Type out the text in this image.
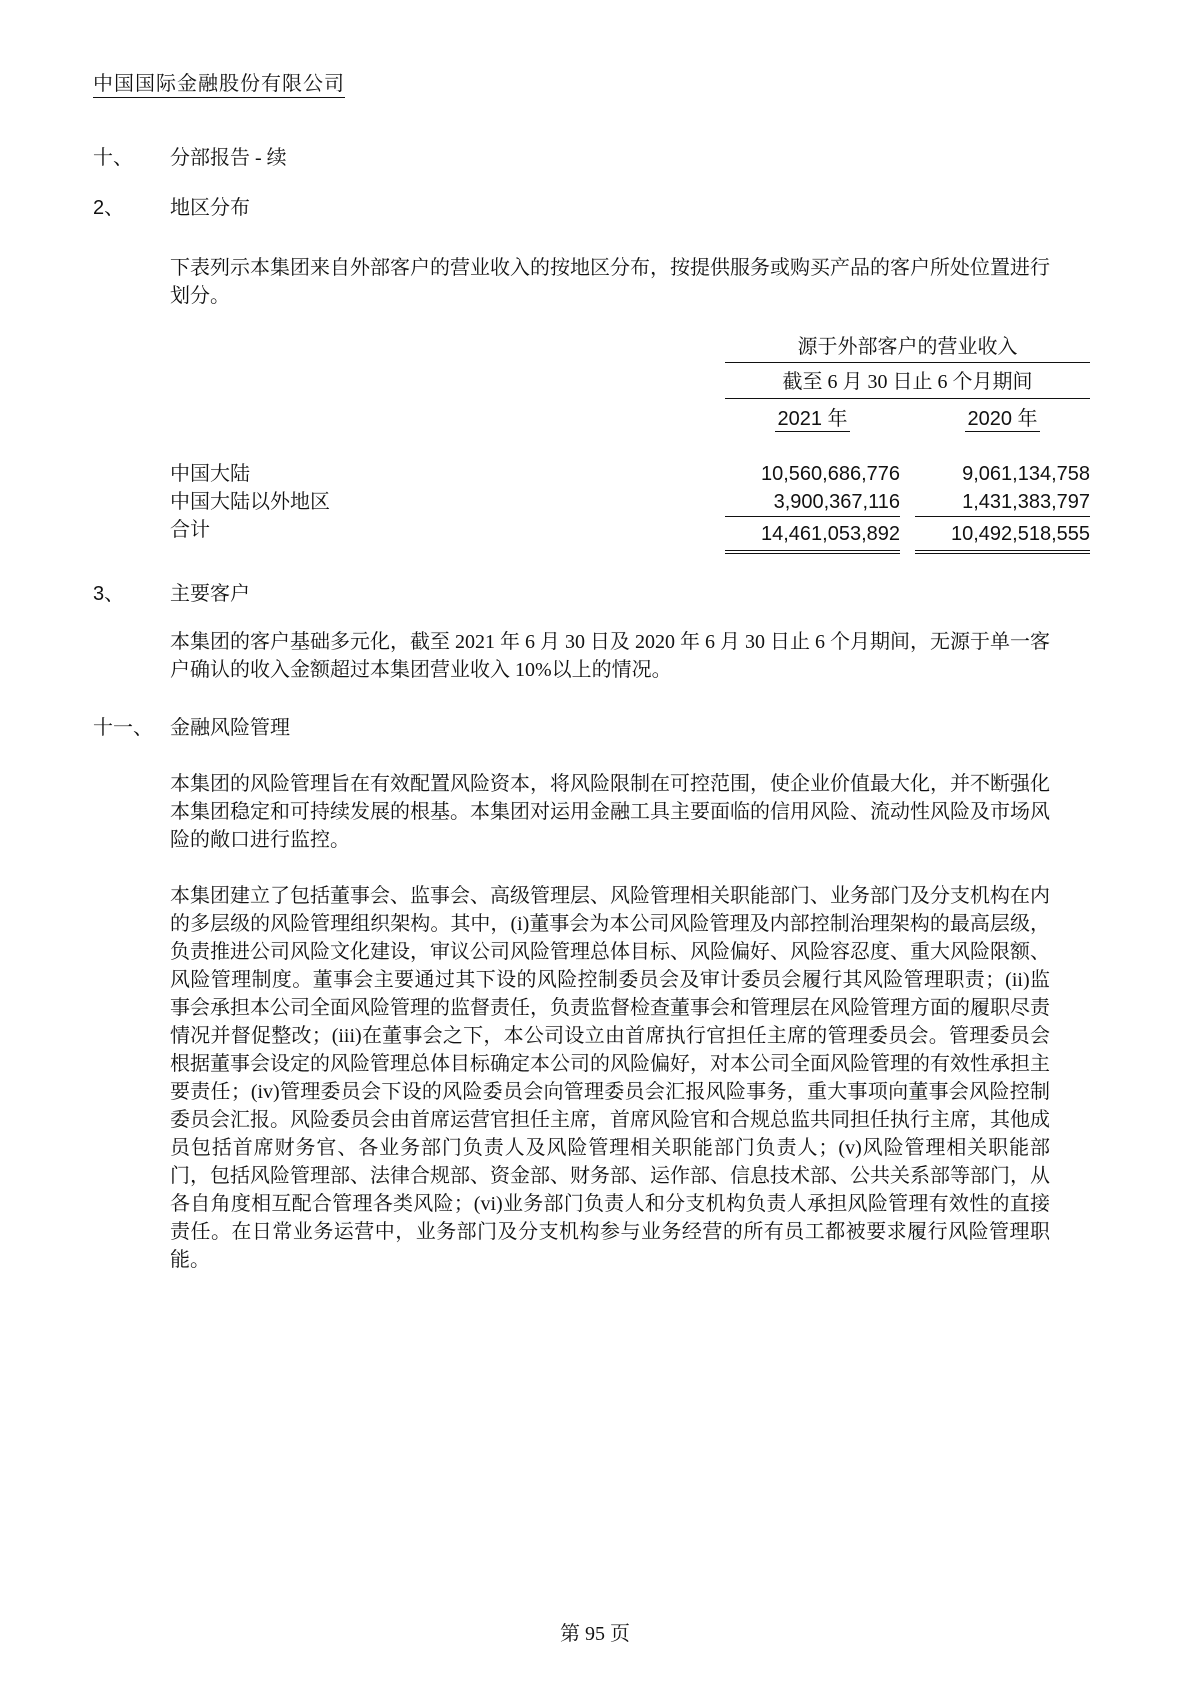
中国国际金融股份有限公司
十、	分部报告 - 续
2、	地区分布
下表列示本集团来自外部客户的营业收入的按地区分布，按提供服务或购买产品的客户所处位置进行划分。
源于外部客户的营业收入
截至 6 月 30 日止 6 个月期间
2021 年	2020 年
中国大陆	10,560,686,776	9,061,134,758
中国大陆以外地区	3,900,367,116	1,431,383,797
合计	14,461,053,892	10,492,518,555
3、	主要客户
本集团的客户基础多元化，截至 2021 年 6 月 30 日及 2020 年 6 月 30 日止 6 个月期间，无源于单一客户确认的收入金额超过本集团营业收入 10%以上的情况。
十一、 金融风险管理
本集团的风险管理旨在有效配置风险资本，将风险限制在可控范围，使企业价值最大化，并不断强化本集团稳定和可持续发展的根基。本集团对运用金融工具主要面临的信用风险、流动性风险及市场风险的敞口进行监控。
本集团建立了包括董事会、监事会、高级管理层、风险管理相关职能部门、业务部门及分支机构在内的多层级的风险管理组织架构。其中，(i)董事会为本公司风险管理及内部控制治理架构的最高层级，负责推进公司风险文化建设，审议公司风险管理总体目标、风险偏好、风险容忍度、重大风险限额、风险管理制度。董事会主要通过其下设的风险控制委员会及审计委员会履行其风险管理职责；(ii)监事会承担本公司全面风险管理的监督责任，负责监督检查董事会和管理层在风险管理方面的履职尽责情况并督促整改；(iii)在董事会之下，本公司设立由首席执行官担任主席的管理委员会。管理委员会根据董事会设定的风险管理总体目标确定本公司的风险偏好，对本公司全面风险管理的有效性承担主要责任；(iv)管理委员会下设的风险委员会向管理委员会汇报风险事务，重大事项向董事会风险控制委员会汇报。风险委员会由首席运营官担任主席，首席风险官和合规总监共同担任执行主席，其他成员包括首席财务官、各业务部门负责人及风险管理相关职能部门负责人；(v)风险管理相关职能部门，包括风险管理部、法律合规部、资金部、财务部、运作部、信息技术部、公共关系部等部门，从各自角度相互配合管理各类风险；(vi)业务部门负责人和分支机构负责人承担风险管理有效性的直接责任。在日常业务运营中，业务部门及分支机构参与业务经营的所有员工都被要求履行风险管理职能。
第 95 页
